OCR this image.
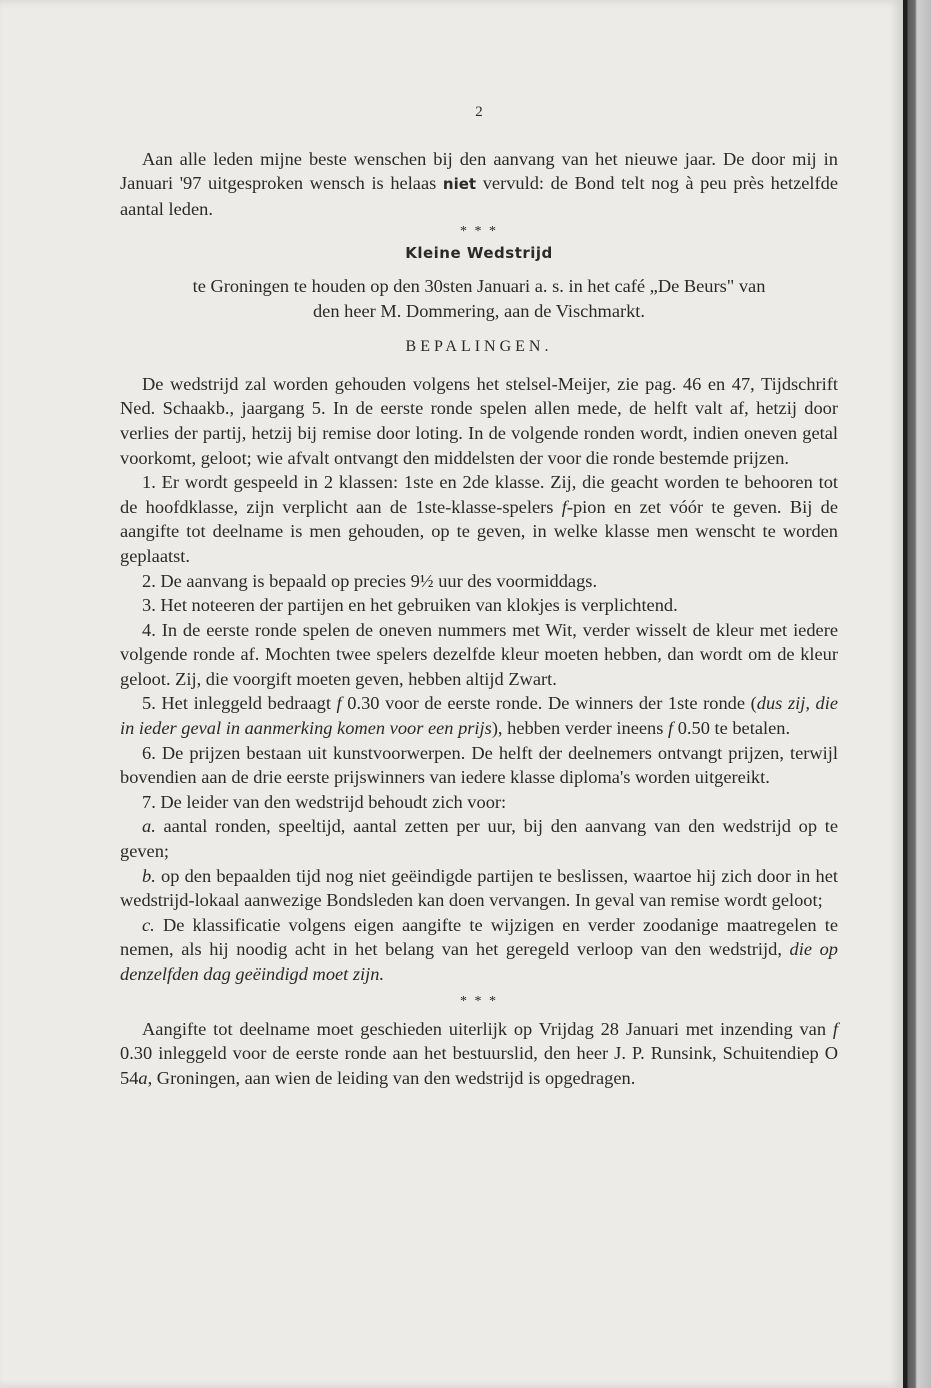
2

Aan alle leden mijne beste wenschen bij den aanvang van het nieuwe jaar. De door mij in Januari '97 uitgesproken wensch is helaas niet vervuld: de Bond telt nog à peu près hetzelfde aantal leden.

* * *
Kleine Wedstrijd
te Groningen te houden op den 30sten Januari a. s. in het café „De Beurs" van
den heer M. Dommering, aan de Vischmarkt.
BEPALINGEN.

De wedstrijd zal worden gehouden volgens het stelsel-Meijer, zie pag. 46 en 47, Tijdschrift Ned. Schaakb., jaargang 5. In de eerste ronde spelen allen mede, de helft valt af, hetzij door verlies der partij, hetzij bij remise door loting. In de volgende ronden wordt, indien oneven getal voorkomt, geloot; wie afvalt ontvangt den middelsten der voor die ronde bestemde prijzen.

1. Er wordt gespeeld in 2 klassen: 1ste en 2de klasse. Zij, die geacht worden te behooren tot de hoofdklasse, zijn verplicht aan de 1ste-klasse-spelers f-pion en zet vóór te geven. Bij de aangifte tot deelname is men gehouden, op te geven, in welke klasse men wenscht te worden geplaatst.

2. De aanvang is bepaald op precies 9½ uur des voormiddags.

3. Het noteeren der partijen en het gebruiken van klokjes is verplichtend.

4. In de eerste ronde spelen de oneven nummers met Wit, verder wisselt de kleur met iedere volgende ronde af. Mochten twee spelers dezelfde kleur moeten hebben, dan wordt om de kleur geloot. Zij, die voorgift moeten geven, hebben altijd Zwart.

5. Het inleggeld bedraagt f 0.30 voor de eerste ronde. De winners der 1ste ronde (dus zij, die in ieder geval in aanmerking komen voor een prijs), hebben verder ineens f 0.50 te betalen.

6. De prijzen bestaan uit kunstvoorwerpen. De helft der deelnemers ontvangt prijzen, terwijl bovendien aan de drie eerste prijswinners van iedere klasse diploma's worden uitgereikt.

7. De leider van den wedstrijd behoudt zich voor:

a. aantal ronden, speeltijd, aantal zetten per uur, bij den aanvang van den wedstrijd op te geven;

b. op den bepaalden tijd nog niet geëindigde partijen te beslissen, waartoe hij zich door in het wedstrijd-lokaal aanwezige Bondsleden kan doen vervangen. In geval van remise wordt geloot;

c. De klassificatie volgens eigen aangifte te wijzigen en verder zoodanige maatregelen te nemen, als hij noodig acht in het belang van het geregeld verloop van den wedstrijd, die op denzelfden dag geëindigd moet zijn.

* * *

Aangifte tot deelname moet geschieden uiterlijk op Vrijdag 28 Januari met inzending van f 0.30 inleggeld voor de eerste ronde aan het bestuurslid, den heer J. P. Runsink, Schuitendiep O 54a, Groningen, aan wien de leiding van den wedstrijd is opgedragen.
